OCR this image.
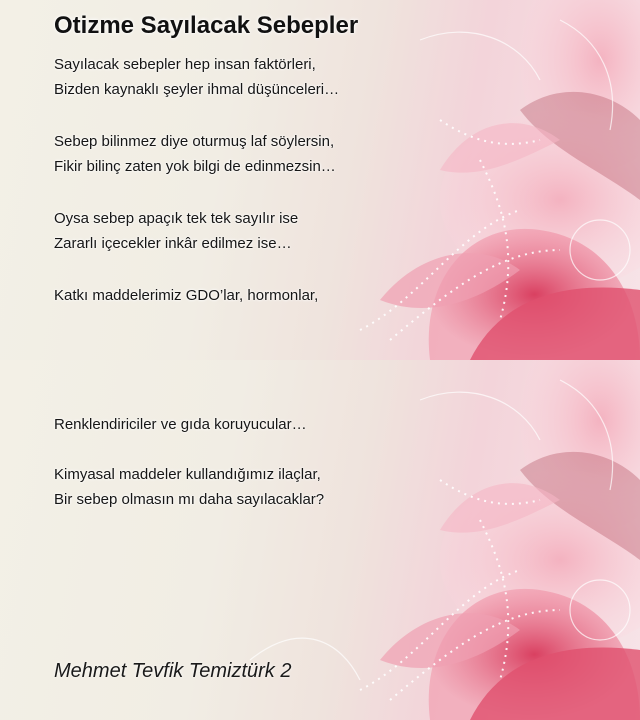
Otizme Sayılacak Sebepler

Sayılacak sebepler hep insan faktörleri,
Bizden kaynaklı şeyler ihmal düşünceleri…

Sebep bilinmez diye oturmuş laf söylersin,
Fikir bilinç zaten yok bilgi de edinmezsin…

Oysa sebep apaçık tek tek sayılır ise
Zararlı içecekler inkâr edilmez ise…

Katkı maddelerimiz GDO’lar, hormonlar,

Renklendiriciler ve gıda koruyucular…

Kimyasal maddeler kullandığımız ilaçlar,
Bir sebep olmasın mı daha sayılacaklar?

Mehmet Tevfik Temiztürk 2
